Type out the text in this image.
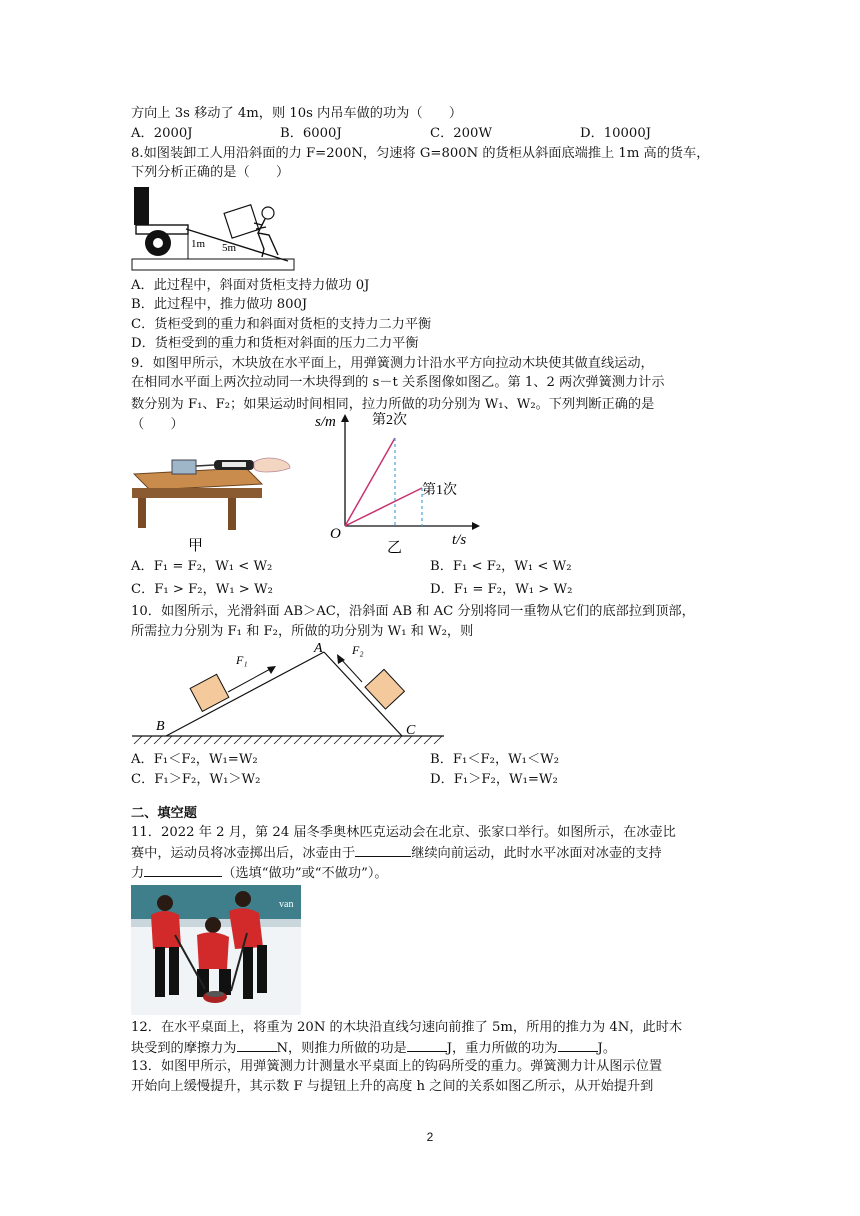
方向上 3s 移动了 4m，则 10s 内吊车做的功为（　　）
A．2000J	B．6000J	C．200W	D．10000J
8.如图装卸工人用沿斜面的力 F=200N，匀速将 G=800N 的货柜从斜面底端推上 1m 高的货车，
下列分析正确的是（　　）
1m 5m
A．此过程中，斜面对货柜支持力做功 0J
B．此过程中，推力做功 800J
C．货柜受到的重力和斜面对货柜的支持力二力平衡
D．货柜受到的重力和货柜对斜面的压力二力平衡
9．如图甲所示，木块放在水平面上，用弹簧测力计沿水平方向拉动木块使其做直线运动，
在相同水平面上两次拉动同一木块得到的 s－t 关系图像如图乙。第 1、2 两次弹簧测力计示
数分别为 F₁、F₂；如果运动时间相同，拉力所做的功分别为 W₁、W₂。下列判断正确的是
（　　）
甲
s/m
t/s
O
第2次
第1次
乙
A．F₁ = F₂，W₁ < W₂	B．F₁ < F₂，W₁ < W₂
C．F₁ > F₂，W₁ > W₂	D．F₁ = F₂，W₁ > W₂
10．如图所示，光滑斜面 AB＞AC，沿斜面 AB 和 AC 分别将同一重物从它们的底部拉到顶部，
所需拉力分别为 F₁ 和 F₂，所做的功分别为 W₁ 和 W₂，则
B
A
C
F₁
F₂
A．F₁＜F₂，W₁=W₂	B．F₁＜F₂，W₁＜W₂
C．F₁＞F₂，W₁＞W₂	D．F₁＞F₂，W₁=W₂
二、填空题
11．2022 年 2 月，第 24 届冬季奥林匹克运动会在北京、张家口举行。如图所示，在冰壶比
赛中，运动员将冰壶掷出后，冰壶由于	继续向前运动，此时水平冰面对冰壶的支持
力	（选填“做功”或“不做功”）。
van
12．在水平桌面上，将重为 20N 的木块沿直线匀速向前推了 5m，所用的推力为 4N，此时木
块受到的摩擦力为	N，则推力所做的功是	J，重力所做的功为	J。
13．如图甲所示，用弹簧测力计测量水平桌面上的钩码所受的重力。弹簧测力计从图示位置
开始向上缓慢提升，其示数 F 与提钮上升的高度 h 之间的关系如图乙所示，从开始提升到
2
